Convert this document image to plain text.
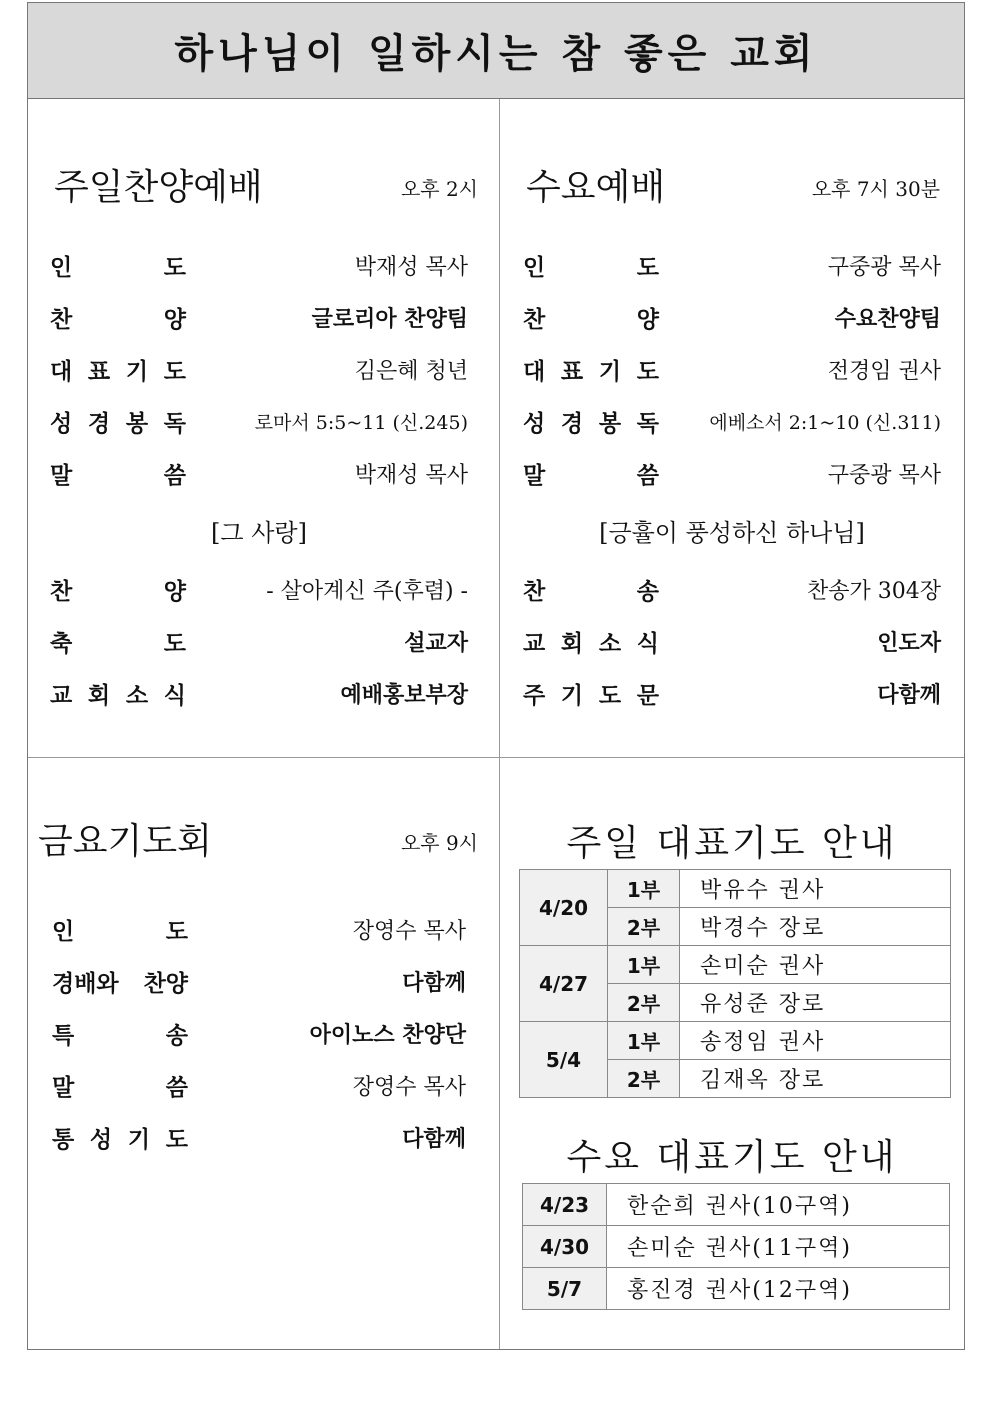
하나님이 일하시는 참 좋은 교회
주일찬양예배	오후 2시
인	도	박재성 목사
찬	양	글로리아 찬양팀
대 표 기 도	김은혜 청년
성 경 봉 독	로마서 5:5~11 (신.245)
말	씀	박재성 목사
[그 사랑]
찬	양	- 살아계신 주(후렴) -
축	도	설교자
교 회 소 식	예배홍보부장
수요예배	오후 7시 30분
인	도	구중광 목사
찬	양	수요찬양팀
대 표 기 도	전경임 권사
성 경 봉 독	에베소서 2:1~10 (신.311)
말	씀	구중광 목사
[긍휼이 풍성하신 하나님]
찬	송	찬송가 304장
교 회 소 식	인도자
주 기 도 문	다함께
금요기도회	오후 9시
인	도	장영수 목사
경배와 찬양	다함께
특	송	아이노스 찬양단
말	씀	장영수 목사
통 성 기 도	다함께
주일 대표기도 안내
4/20	1부	박유수 권사
	2부	박경수 장로
4/27	1부	손미순 권사
	2부	유성준 장로
5/4	1부	송정임 권사
	2부	김재옥 장로
수요 대표기도 안내
4/23	한순희 권사(10구역)
4/30	손미순 권사(11구역)
5/7	홍진경 권사(12구역)
